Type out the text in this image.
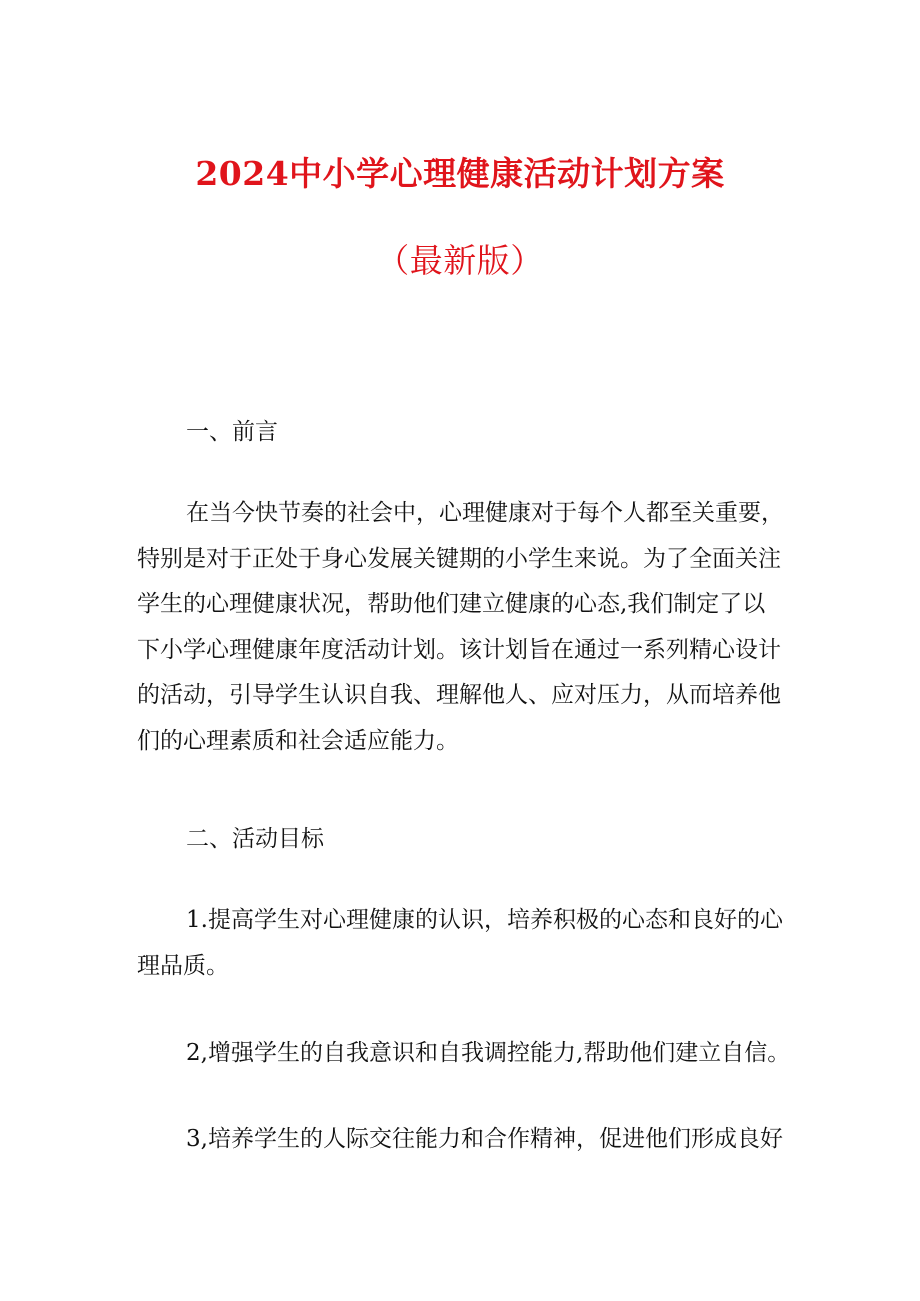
2024中小学心理健康活动计划方案
（最新版）
一、前言
在当今快节奏的社会中，心理健康对于每个人都至关重要，
特别是对于正处于身心发展关键期的小学生来说。为了全面关注
学生的心理健康状况，帮助他们建立健康的心态,我们制定了以
下小学心理健康年度活动计划。该计划旨在通过一系列精心设计
的活动，引导学生认识自我、理解他人、应对压力，从而培养他
们的心理素质和社会适应能力。
二、活动目标
1.提高学生对心理健康的认识，培养积极的心态和良好的心
理品质。
2,增强学生的自我意识和自我调控能力,帮助他们建立自信。
3,培养学生的人际交往能力和合作精神，促进他们形成良好
